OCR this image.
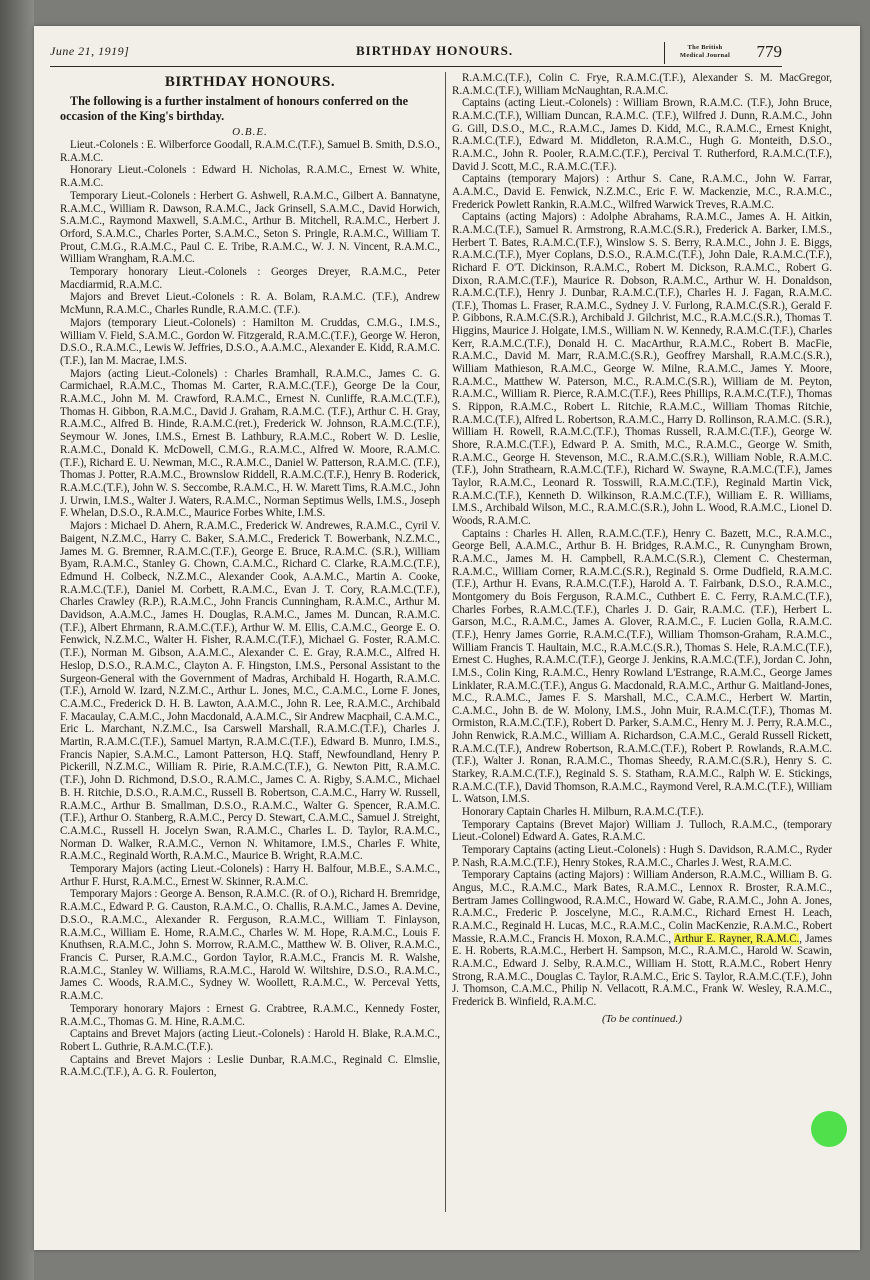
June 21, 1919]	BIRTHDAY HONOURS.	The British
Medical Journal	779
BIRTHDAY HONOURS.

The following is a further instalment of honours conferred on the occasion of the King's birthday.

O.B.E.

Lieut.-Colonels : E. Wilberforce Goodall, R.A.M.C.(T.F.), Samuel B. Smith, D.S.O., R.A.M.C.

Honorary Lieut.-Colonels : Edward H. Nicholas, R.A.M.C., Ernest W. White, R.A.M.C.

Temporary Lieut.-Colonels : Herbert G. Ashwell, R.A.M.C., Gilbert A. Bannatyne, R.A.M.C., William R. Dawson, R.A.M.C., Jack Grinsell, S.A.M.C., David Horwich, S.A.M.C., Raymond Maxwell, S.A.M.C., Arthur B. Mitchell, R.A.M.C., Herbert J. Orford, S.A.M.C., Charles Porter, S.A.M.C., Seton S. Pringle, R.A.M.C., William T. Prout, C.M.G., R.A.M.C., Paul C. E. Tribe, R.A.M.C., W. J. N. Vincent, R.A.M.C., William Wrangham, R.A.M.C.

Temporary honorary Lieut.-Colonels : Georges Dreyer, R.A.M.C., Peter Macdiarmid, R.A.M.C.

Majors and Brevet Lieut.-Colonels : R. A. Bolam, R.A.M.C. (T.F.), Andrew McMunn, R.A.M.C., Charles Rundle, R.A.M.C. (T.F.).

Majors (temporary Lieut.-Colonels) : Hamilton M. Cruddas, C.M.G., I.M.S., William V. Field, S.A.M.C., Gordon W. Fitzgerald, R.A.M.C.(T.F.), George W. Heron, D.S.O., R.A.M.C., Lewis W. Jeffries, D.S.O., A.A.M.C., Alexander E. Kidd, R.A.M.C.(T.F.), Ian M. Macrae, I.M.S.

Majors (acting Lieut.-Colonels) : Charles Bramhall, R.A.M.C., James C. G. Carmichael, R.A.M.C., Thomas M. Carter, R.A.M.C.(T.F.), George De la Cour, R.A.M.C., John M. M. Crawford, R.A.M.C., Ernest N. Cunliffe, R.A.M.C.(T.F.), Thomas H. Gibbon, R.A.M.C., David J. Graham, R.A.M.C. (T.F.), Arthur C. H. Gray, R.A.M.C., Alfred B. Hinde, R.A.M.C.(ret.), Frederick W. Johnson, R.A.M.C.(T.F.), Seymour W. Jones, I.M.S., Ernest B. Lathbury, R.A.M.C., Robert W. D. Leslie, R.A.M.C., Donald K. McDowell, C.M.G., R.A.M.C., Alfred W. Moore, R.A.M.C.(T.F.), Richard E. U. Newman, M.C., R.A.M.C., Daniel W. Patterson, R.A.M.C. (T.F.), Thomas J. Potter, R.A.M.C., Brownslow Riddell, R.A.M.C.(T.F.), Henry B. Roderick, R.A.M.C.(T.F.), John W. S. Seccombe, R.A.M.C., H. W. Marett Tims, R.A.M.C., John J. Urwin, I.M.S., Walter J. Waters, R.A.M.C., Norman Septimus Wells, I.M.S., Joseph F. Whelan, D.S.O., R.A.M.C., Maurice Forbes White, I.M.S.

Majors : Michael D. Ahern, R.A.M.C., Frederick W. Andrewes, R.A.M.C., Cyril V. Baigent, N.Z.M.C., Harry C. Baker, S.A.M.C., Frederick T. Bowerbank, N.Z.M.C., James M. G. Bremner, R.A.M.C.(T.F.), George E. Bruce, R.A.M.C. (S.R.), William Byam, R.A.M.C., Stanley G. Chown, C.A.M.C., Richard C. Clarke, R.A.M.C.(T.F.), Edmund H. Colbeck, N.Z.M.C., Alexander Cook, A.A.M.C., Martin A. Cooke, R.A.M.C.(T.F.), Daniel M. Corbett, R.A.M.C., Evan J. T. Cory, R.A.M.C.(T.F.), Charles Crawley (R.P.), R.A.M.C., John Francis Cunningham, R.A.M.C., Arthur M. Davidson, A.A.M.C., James H. Douglas, R.A.M.C., James M. Duncan, R.A.M.C.(T.F.), Albert Ehrmann, R.A.M.C.(T.F.), Arthur W. M. Ellis, C.A.M.C., George E. O. Fenwick, N.Z.M.C., Walter H. Fisher, R.A.M.C.(T.F.), Michael G. Foster, R.A.M.C. (T.F.), Norman M. Gibson, A.A.M.C., Alexander C. E. Gray, R.A.M.C., Alfred H. Heslop, D.S.O., R.A.M.C., Clayton A. F. Hingston, I.M.S., Personal Assistant to the Surgeon-General with the Government of Madras, Archibald H. Hogarth, R.A.M.C.(T.F.), Arnold W. Izard, N.Z.M.C., Arthur L. Jones, M.C., C.A.M.C., Lorne F. Jones, C.A.M.C., Frederick D. H. B. Lawton, A.A.M.C., John R. Lee, R.A.M.C., Archibald F. Macaulay, C.A.M.C., John Macdonald, A.A.M.C., Sir Andrew Macphail, C.A.M.C., Eric L. Marchant, N.Z.M.C., Isa Carswell Marshall, R.A.M.C.(T.F.), Charles J. Martin, R.A.M.C.(T.F.), Samuel Martyn, R.A.M.C.(T.F.), Edward B. Munro, I.M.S., Francis Napier, S.A.M.C., Lamont Patterson, H.Q. Staff, Newfoundland, Henry P. Pickerill, N.Z.M.C., William R. Pirie, R.A.M.C.(T.F.), G. Newton Pitt, R.A.M.C.(T.F.), John D. Richmond, D.S.O., R.A.M.C., James C. A. Rigby, S.A.M.C., Michael B. H. Ritchie, D.S.O., R.A.M.C., Russell B. Robertson, C.A.M.C., Harry W. Russell, R.A.M.C., Arthur B. Smallman, D.S.O., R.A.M.C., Walter G. Spencer, R.A.M.C.(T.F.), Arthur O. Stanberg, R.A.M.C., Percy D. Stewart, C.A.M.C., Samuel J. Streight, C.A.M.C., Russell H. Jocelyn Swan, R.A.M.C., Charles L. D. Taylor, R.A.M.C., Norman D. Walker, R.A.M.C., Vernon N. Whitamore, I.M.S., Charles F. White, R.A.M.C., Reginald Worth, R.A.M.C., Maurice B. Wright, R.A.M.C.

Temporary Majors (acting Lieut.-Colonels) : Harry H. Balfour, M.B.E., S.A.M.C., Arthur F. Hurst, R.A.M.C., Ernest W. Skinner, R.A.M.C.

Temporary Majors : George A. Benson, R.A.M.C. (R. of O.), Richard H. Bremridge, R.A.M.C., Edward P. G. Causton, R.A.M.C., O. Challis, R.A.M.C., James A. Devine, D.S.O., R.A.M.C., Alexander R. Ferguson, R.A.M.C., William T. Finlayson, R.A.M.C., William E. Home, R.A.M.C., Charles W. M. Hope, R.A.M.C., Louis F. Knuthsen, R.A.M.C., John S. Morrow, R.A.M.C., Matthew W. B. Oliver, R.A.M.C., Francis C. Purser, R.A.M.C., Gordon Taylor, R.A.M.C., Francis M. R. Walshe, R.A.M.C., Stanley W. Williams, R.A.M.C., Harold W. Wiltshire, D.S.O., R.A.M.C., James C. Woods, R.A.M.C., Sydney W. Woollett, R.A.M.C., W. Perceval Yetts, R.A.M.C.

Temporary honorary Majors : Ernest G. Crabtree, R.A.M.C., Kennedy Foster, R.A.M.C., Thomas G. M. Hine, R.A.M.C.

Captains and Brevet Majors (acting Lieut.-Colonels) : Harold H. Blake, R.A.M.C., Robert L. Guthrie, R.A.M.C.(T.F.).

Captains and Brevet Majors : Leslie Dunbar, R.A.M.C., Reginald C. Elmslie, R.A.M.C.(T.F.), A. G. R. Foulerton,

R.A.M.C.(T.F.), Colin C. Frye, R.A.M.C.(T.F.), Alexander S. M. MacGregor, R.A.M.C.(T.F.), William McNaughtan, R.A.M.C.

Captains (acting Lieut.-Colonels) : William Brown, R.A.M.C. (T.F.), John Bruce, R.A.M.C.(T.F.), William Duncan, R.A.M.C. (T.F.), Wilfred J. Dunn, R.A.M.C., John G. Gill, D.S.O., M.C., R.A.M.C., James D. Kidd, M.C., R.A.M.C., Ernest Knight, R.A.M.C.(T.F.), Edward M. Middleton, R.A.M.C., Hugh G. Monteith, D.S.O., R.A.M.C., John R. Pooler, R.A.M.C.(T.F.), Percival T. Rutherford, R.A.M.C.(T.F.), David J. Scott, M.C., R.A.M.C.(T.F.).

Captains (temporary Majors) : Arthur S. Cane, R.A.M.C., John W. Farrar, A.A.M.C., David E. Fenwick, N.Z.M.C., Eric F. W. Mackenzie, M.C., R.A.M.C., Frederick Powlett Rankin, R.A.M.C., Wilfred Warwick Treves, R.A.M.C.

Captains (acting Majors) : Adolphe Abrahams, R.A.M.C., James A. H. Aitkin, R.A.M.C.(T.F.), Samuel R. Armstrong, R.A.M.C.(S.R.), Frederick A. Barker, I.M.S., Herbert T. Bates, R.A.M.C.(T.F.), Winslow S. S. Berry, R.A.M.C., John J. E. Biggs, R.A.M.C.(T.F.), Myer Coplans, D.S.O., R.A.M.C.(T.F.), John Dale, R.A.M.C.(T.F.), Richard F. O'T. Dickinson, R.A.M.C., Robert M. Dickson, R.A.M.C., Robert G. Dixon, R.A.M.C.(T.F.), Maurice R. Dobson, R.A.M.C., Arthur W. H. Donaldson, R.A.M.C.(T.F.), Henry J. Dunbar, R.A.M.C.(T.F.), Charles H. J. Fagan, R.A.M.C.(T.F.), Thomas L. Fraser, R.A.M.C., Sydney J. V. Furlong, R.A.M.C.(S.R.), Gerald F. P. Gibbons, R.A.M.C.(S.R.), Archibald J. Gilchrist, M.C., R.A.M.C.(S.R.), Thomas T. Higgins, Maurice J. Holgate, I.M.S., William N. W. Kennedy, R.A.M.C.(T.F.), Charles Kerr, R.A.M.C.(T.F.), Donald H. C. MacArthur, R.A.M.C., Robert B. MacFie, R.A.M.C., David M. Marr, R.A.M.C.(S.R.), Geoffrey Marshall, R.A.M.C.(S.R.), William Mathieson, R.A.M.C., George W. Milne, R.A.M.C., James Y. Moore, R.A.M.C., Matthew W. Paterson, M.C., R.A.M.C.(S.R.), William de M. Peyton, R.A.M.C., William R. Pierce, R.A.M.C.(T.F.), Rees Phillips, R.A.M.C.(T.F.), Thomas S. Rippon, R.A.M.C., Robert L. Ritchie, R.A.M.C., William Thomas Ritchie, R.A.M.C.(T.F.), Alfred L. Robertson, R.A.M.C., Harry D. Rollinson, R.A.M.C. (S.R.), William H. Rowell, R.A.M.C.(T.F.), Thomas Russell, R.A.M.C.(T.F.), George W. Shore, R.A.M.C.(T.F.), Edward P. A. Smith, M.C., R.A.M.C., George W. Smith, R.A.M.C., George H. Stevenson, M.C., R.A.M.C.(S.R.), William Noble, R.A.M.C. (T.F.), John Strathearn, R.A.M.C.(T.F.), Richard W. Swayne, R.A.M.C.(T.F.), James Taylor, R.A.M.C., Leonard R. Tosswill, R.A.M.C.(T.F.), Reginald Martin Vick, R.A.M.C.(T.F.), Kenneth D. Wilkinson, R.A.M.C.(T.F.), William E. R. Williams, I.M.S., Archibald Wilson, M.C., R.A.M.C.(S.R.), John L. Wood, R.A.M.C., Lionel D. Woods, R.A.M.C.

Captains : Charles H. Allen, R.A.M.C.(T.F.), Henry C. Bazett, M.C., R.A.M.C., George Bell, A.A.M.C., Arthur B. H. Bridges, R.A.M.C., R. Cunyngham Brown, R.A.M.C., James M. H. Campbell, R.A.M.C.(S.R.), Clement C. Chesterman, R.A.M.C., William Corner, R.A.M.C.(S.R.), Reginald S. Orme Dudfield, R.A.M.C.(T.F.), Arthur H. Evans, R.A.M.C.(T.F.), Harold A. T. Fairbank, D.S.O., R.A.M.C., Montgomery du Bois Ferguson, R.A.M.C., Cuthbert E. C. Ferry, R.A.M.C.(T.F.), Charles Forbes, R.A.M.C.(T.F.), Charles J. D. Gair, R.A.M.C. (T.F.), Herbert L. Garson, M.C., R.A.M.C., James A. Glover, R.A.M.C., F. Lucien Golla, R.A.M.C.(T.F.), Henry James Gorrie, R.A.M.C.(T.F.), William Thomson-Graham, R.A.M.C., William Francis T. Haultain, M.C., R.A.M.C.(S.R.), Thomas S. Hele, R.A.M.C.(T.F.), Ernest C. Hughes, R.A.M.C.(T.F.), George J. Jenkins, R.A.M.C.(T.F.), Jordan C. John, I.M.S., Colin King, R.A.M.C., Henry Rowland L'Estrange, R.A.M.C., George James Linklater, R.A.M.C.(T.F.), Angus G. Macdonald, R.A.M.C., Arthur G. Maitland-Jones, M.C., R.A.M.C., James F. S. Marshall, M.C., C.A.M.C., Herbert W. Martin, C.A.M.C., John B. de W. Molony, I.M.S., John Muir, R.A.M.C.(T.F.), Thomas M. Ormiston, R.A.M.C.(T.F.), Robert D. Parker, S.A.M.C., Henry M. J. Perry, R.A.M.C., John Renwick, R.A.M.C., William A. Richardson, C.A.M.C., Gerald Russell Rickett, R.A.M.C.(T.F.), Andrew Robertson, R.A.M.C.(T.F.), Robert P. Rowlands, R.A.M.C.(T.F.), Walter J. Ronan, R.A.M.C., Thomas Sheedy, R.A.M.C.(S.R.), Henry S. C. Starkey, R.A.M.C.(T.F.), Reginald S. S. Statham, R.A.M.C., Ralph W. E. Stickings, R.A.M.C.(T.F.), David Thomson, R.A.M.C., Raymond Verel, R.A.M.C.(T.F.), William L. Watson, I.M.S.

Honorary Captain Charles H. Milburn, R.A.M.C.(T.F.).

Temporary Captains (Brevet Major) William J. Tulloch, R.A.M.C., (temporary Lieut.-Colonel) Edward A. Gates, R.A.M.C.

Temporary Captains (acting Lieut.-Colonels) : Hugh S. Davidson, R.A.M.C., Ryder P. Nash, R.A.M.C.(T.F.), Henry Stokes, R.A.M.C., Charles J. West, R.A.M.C.

Temporary Captains (acting Majors) : William Anderson, R.A.M.C., William B. G. Angus, M.C., R.A.M.C., Mark Bates, R.A.M.C., Lennox R. Broster, R.A.M.C., Bertram James Collingwood, R.A.M.C., Howard W. Gabe, R.A.M.C., John A. Jones, R.A.M.C., Frederic P. Joscelyne, M.C., R.A.M.C., Richard Ernest H. Leach, R.A.M.C., Reginald H. Lucas, M.C., R.A.M.C., Colin MacKenzie, R.A.M.C., Robert Massie, R.A.M.C., Francis H. Moxon, R.A.M.C., Arthur E. Rayner, R.A.M.C., James E. H. Roberts, R.A.M.C., Herbert H. Sampson, M.C., R.A.M.C., Harold W. Scawin, R.A.M.C., Edward J. Selby, R.A.M.C., William H. Stott, R.A.M.C., Robert Henry Strong, R.A.M.C., Douglas C. Taylor, R.A.M.C., Eric S. Taylor, R.A.M.C.(T.F.), John J. Thomson, C.A.M.C., Philip N. Vellacott, R.A.M.C., Frank W. Wesley, R.A.M.C., Frederick B. Winfield, R.A.M.C.

(To be continued.)
